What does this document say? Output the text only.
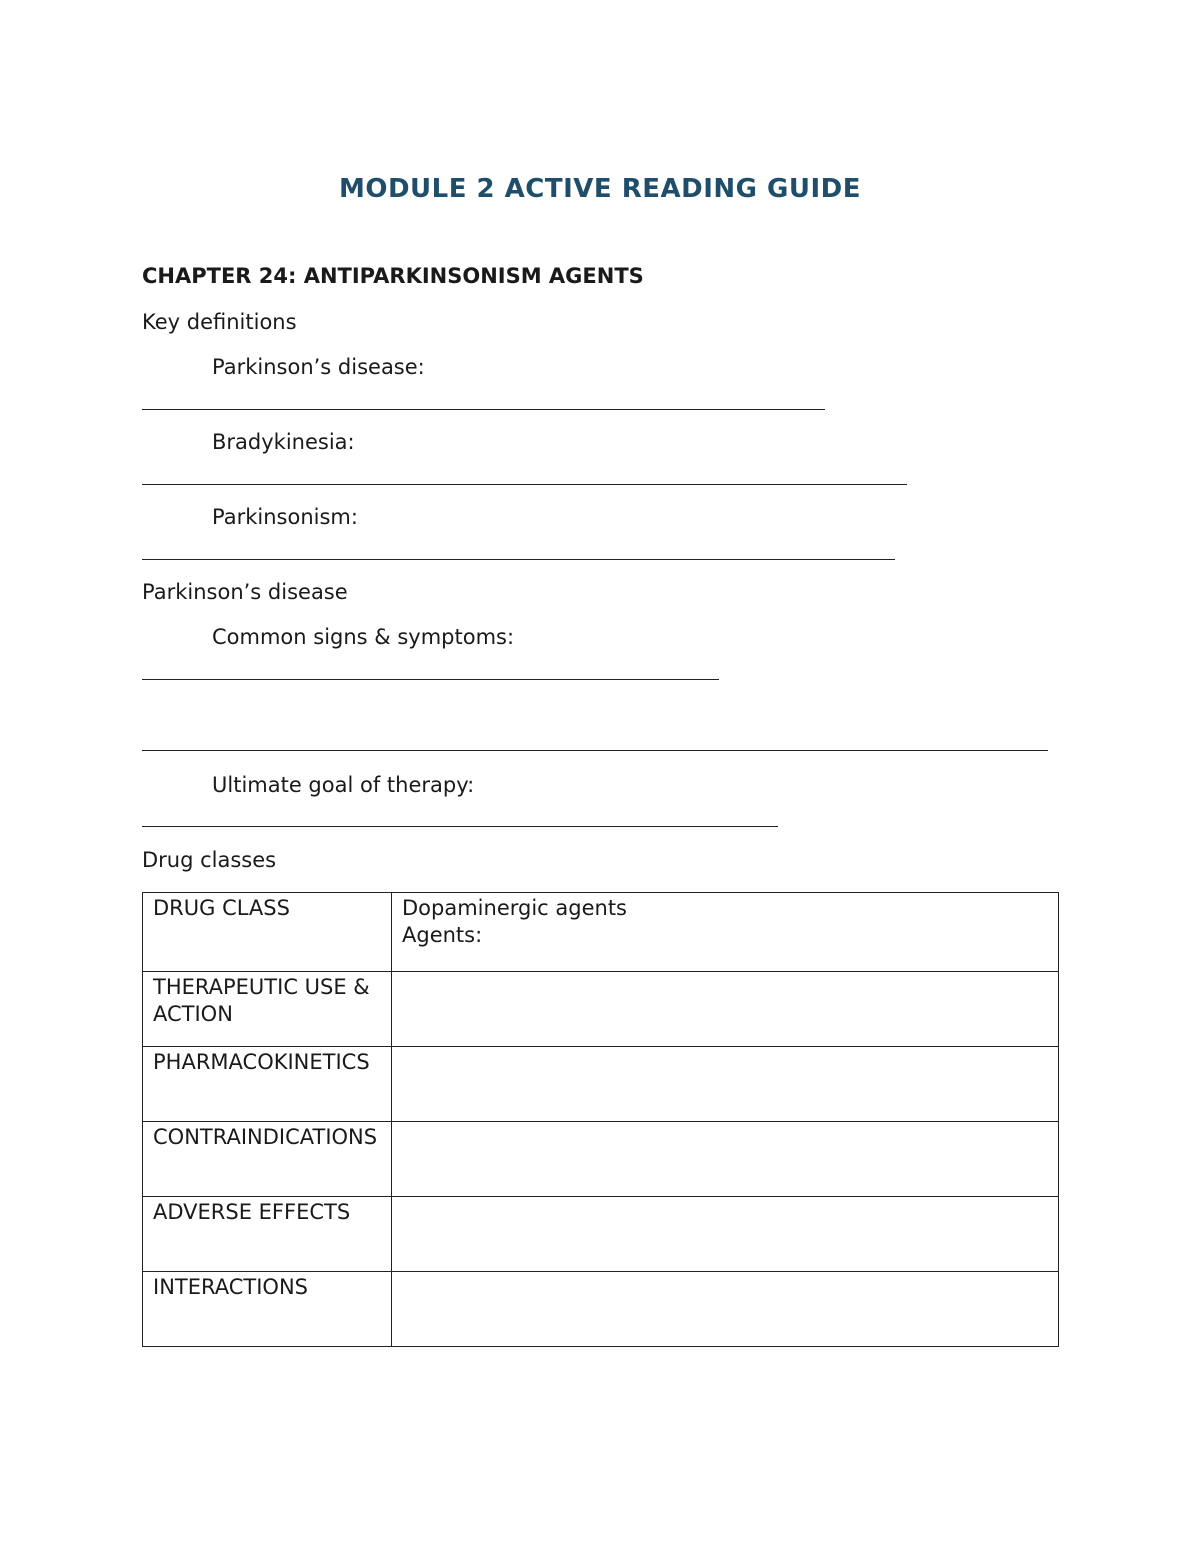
MODULE 2 ACTIVE READING GUIDE
CHAPTER 24: ANTIPARKINSONISM AGENTS
Key definitions
Parkinson’s disease:
Bradykinesia:
Parkinsonism:
Parkinson’s disease
Common signs & symptoms:
Ultimate goal of therapy:
Drug classes
DRUG CLASS	Dopaminergic agents
Agents:
THERAPEUTIC USE & ACTION	
PHARMACOKINETICS	
CONTRAINDICATIONS	
ADVERSE EFFECTS	
INTERACTIONS	
